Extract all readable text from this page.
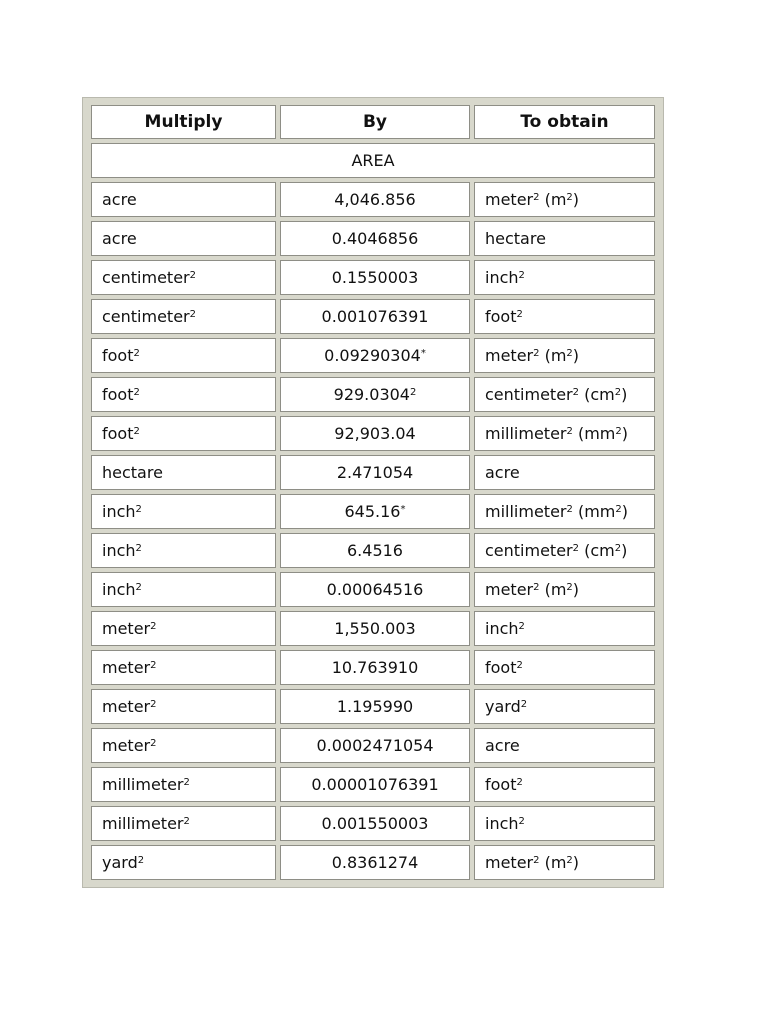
Multiply	By	To obtain
AREA		
acre	4,046.856	meter$^2$ $(m^2)$
acre	0.4046856	hectare
centimeter$^2$	0.1550003	inch$^2$
centimeter$^2$	0.001076391	foot$^2$
foot$^2$	0.09290304*	meter$^2$ $(m^2)$
foot$^2$	929.0304$^2$	centimeter$^2$ $(cm^2)$
foot$^2$	92,903.04	millimeter$^2$ $(mm^2)$
hectare	2.471054	acre
inch$^2$	645.16*	millimeter$^2$ $(mm^2)$
inch$^2$	6.4516	centimeter$^2$ $(cm^2)$
inch$^2$	0.00064516	meter$^2$ $(m^2)$
meter$^2$	1,550.003	inch$^2$
meter$^2$	10.763910	foot$^2$
meter$^2$	1.195990	yard$^2$
meter$^2$	0.0002471054	acre
millimeter$^2$	0.00001076391	foot$^2$
millimeter$^2$	0.001550003	inch$^2$
yard$^2$	0.8361274	meter$^2$ $(m^2)$
